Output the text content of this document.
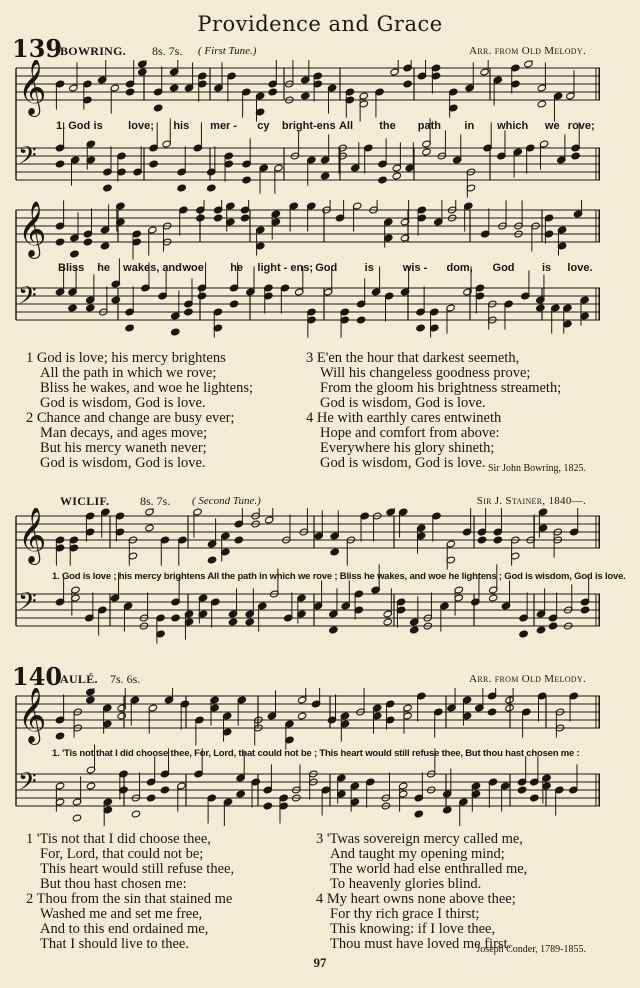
Providence and Grace
139
BOWRING. 8s. 7s. ( First Tune.)	Arr. from Old Melody.
𝄞
𝄢
𝄞
𝄢
𝄞
𝄢
𝄞
𝄢
1. God is love; his mer - cy bright-ens All the path in which we rove;
Bliss he wakes, and woe he light - ens; God is	wis - dom, God is love.
1 God is love; his mercy brightens
All the path in which we rove;
Bliss he wakes, and woe he lightens;
God is wisdom, God is love.
2 Chance and change are busy ever;
Man decays, and ages move;
But his mercy waneth never;
God is wisdom, God is love.
3 E'en the hour that darkest seemeth,
Will his changeless goodness prove;
From the gloom his brightness streameth;
God is wisdom, God is love.
4 He with earthly cares entwineth
Hope and comfort from above:
Everywhere his glory shineth;
God is wisdom, God is love. Sir John Bowring, 1825.
WICLIF.	8s. 7s. ( Second Tune.)	Sir J. Stainer, 1840—.
1. God is love ; his mercy brightens All the path in which we rove ; Bliss he wakes, and woe he lightens ; God is wisdom, God is love.
140
AULÉ. 7s. 6s.	Arr. from Old Melody.
1. 'Tis not that I did choose thee, For, Lord, that could not be ; This heart would still refuse thee, But thou hast chosen me :
1 'Tis not that I did choose thee,
For, Lord, that could not be;
This heart would still refuse thee,
But thou hast chosen me:
2 Thou from the sin that stained me
Washed me and set me free,
And to this end ordained me,
That I should live to thee.
3 'Twas sovereign mercy called me,
And taught my opening mind;
The world had else enthralled me,
To heavenly glories blind.
4 My heart owns none above thee;
For thy rich grace I thirst;
This knowing: if I love thee,
Thou must have loved me first.
Joseph Conder, 1789-1855.
97
